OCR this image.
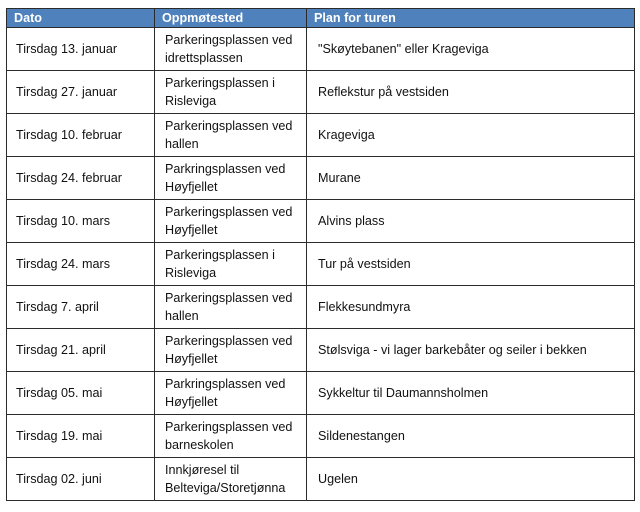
Dato	Oppmøtested	Plan for turen
Tirsdag 13. januar	Parkeringsplassen ved idrettsplassen	"Skøytebanen" eller Krageviga
Tirsdag 27. januar	Parkeringsplassen i Risleviga	Reflekstur på vestsiden
Tirsdag 10. februar	Parkeringsplassen ved hallen	Krageviga
Tirsdag 24. februar	Parkringsplassen ved Høyfjellet	Murane
Tirsdag 10. mars	Parkeringsplassen ved Høyfjellet	Alvins plass
Tirsdag 24. mars	Parkeringsplassen i Risleviga	Tur på vestsiden
Tirsdag 7. april	Parkeringsplassen ved hallen	Flekkesundmyra
Tirsdag 21. april	Parkeringsplassen ved Høyfjellet	Stølsviga - vi lager barkebåter og seiler i bekken
Tirsdag 05. mai	Parkringsplassen ved Høyfjellet	Sykkeltur til Daumannsholmen
Tirsdag 19. mai	Parkeringsplassen ved barneskolen	Sildenestangen
Tirsdag 02. juni	Innkjøresel til Belteviga/Storetjønna	Ugelen
